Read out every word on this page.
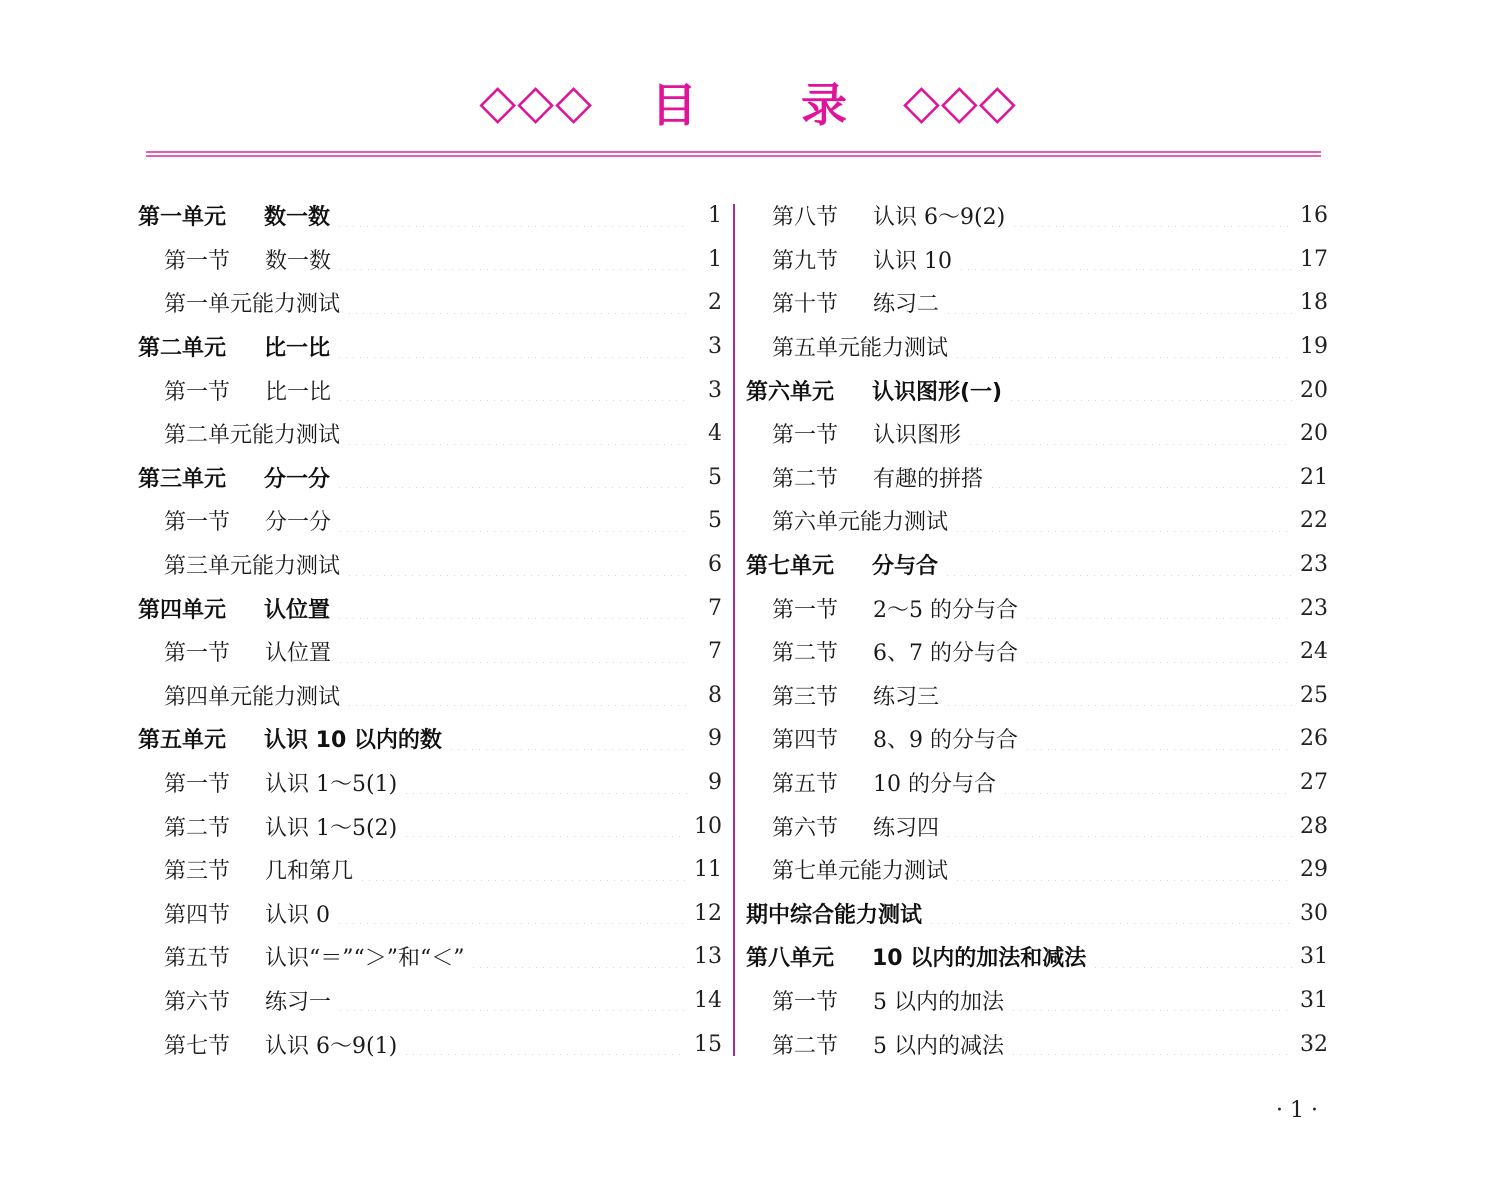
◇◇◇ 目 录 ◇◇◇
第一单元	数一数	1
第一节	数一数	1
第一单元能力测试	2
第二单元	比一比	3
第一节	比一比	3
第二单元能力测试	4
第三单元	分一分	5
第一节	分一分	5
第三单元能力测试	6
第四单元	认位置	7
第一节	认位置	7
第四单元能力测试	8
第五单元	认识 10 以内的数	9
第一节	认识 1～5(1)	9
第二节	认识 1～5(2)	10
第三节	几和第几	11
第四节	认识 0	12
第五节	认识“＝”“＞”和“＜”	13
第六节	练习一	14
第七节	认识 6～9(1)	15
第八节	认识 6～9(2)	16
第九节	认识 10	17
第十节	练习二	18
第五单元能力测试	19
第六单元	认识图形(一)	20
第一节	认识图形	20
第二节	有趣的拼搭	21
第六单元能力测试	22
第七单元	分与合	23
第一节	2～5 的分与合	23
第二节	6、7 的分与合	24
第三节	练习三	25
第四节	8、9 的分与合	26
第五节	10 的分与合	27
第六节	练习四	28
第七单元能力测试	29
期中综合能力测试	30
第八单元	10 以内的加法和减法	31
第一节	5 以内的加法	31
第二节	5 以内的减法	32
· 1 ·
